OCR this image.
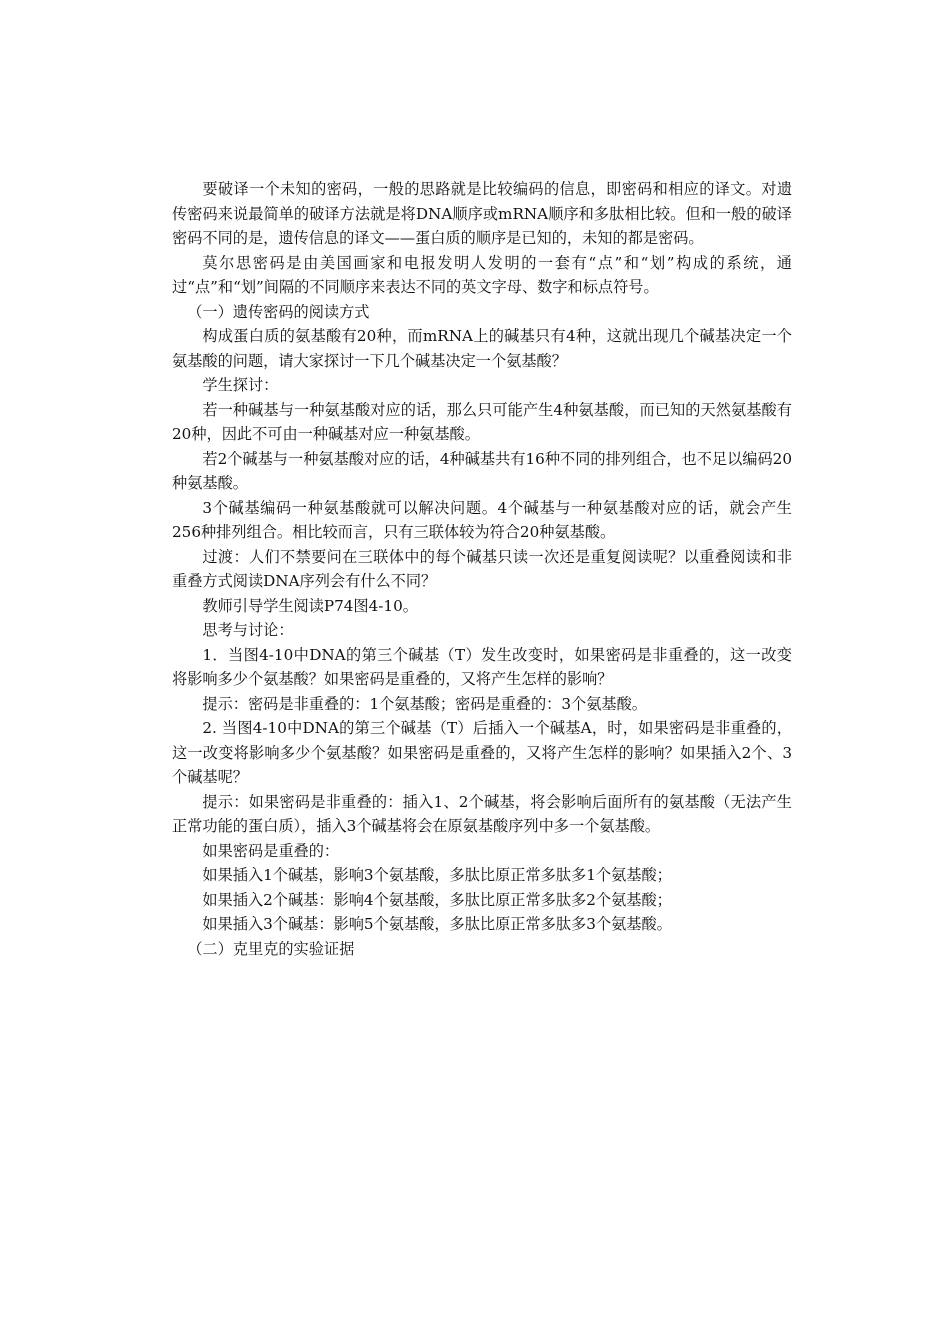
要破译一个未知的密码，一般的思路就是比较编码的信息，即密码和相应的译文。对遗传密码来说最简单的破译方法就是将DNA顺序或mRNA顺序和多肽相比较。但和一般的破译密码不同的是，遗传信息的译文——蛋白质的顺序是已知的，未知的都是密码。

莫尔思密码是由美国画家和电报发明人发明的一套有“点”和“划”构成的系统，通过“点”和“划”间隔的不同顺序来表达不同的英文字母、数字和标点符号。

（一）遗传密码的阅读方式

构成蛋白质的氨基酸有20种，而mRNA上的碱基只有4种，这就出现几个碱基决定一个氨基酸的问题，请大家探讨一下几个碱基决定一个氨基酸？

学生探讨：

若一种碱基与一种氨基酸对应的话，那么只可能产生4种氨基酸，而已知的天然氨基酸有20种，因此不可由一种碱基对应一种氨基酸。

若2个碱基与一种氨基酸对应的话，4种碱基共有16种不同的排列组合，也不足以编码20种氨基酸。

3个碱基编码一种氨基酸就可以解决问题。4个碱基与一种氨基酸对应的话，就会产生256种排列组合。相比较而言，只有三联体较为符合20种氨基酸。

过渡：人们不禁要问在三联体中的每个碱基只读一次还是重复阅读呢？以重叠阅读和非重叠方式阅读DNA序列会有什么不同？

教师引导学生阅读P74图4-10。

思考与讨论：

1．当图4-10中DNA的第三个碱基（T）发生改变时，如果密码是非重叠的，这一改变将影响多少个氨基酸？如果密码是重叠的，又将产生怎样的影响？

提示：密码是非重叠的：1个氨基酸；密码是重叠的：3个氨基酸。

2. 当图4-10中DNA的第三个碱基（T）后插入一个碱基A，时，如果密码是非重叠的，这一改变将影响多少个氨基酸？如果密码是重叠的，又将产生怎样的影响？如果插入2个、3个碱基呢？

提示：如果密码是非重叠的：插入1、2个碱基，将会影响后面所有的氨基酸（无法产生正常功能的蛋白质），插入3个碱基将会在原氨基酸序列中多一个氨基酸。

如果密码是重叠的：

如果插入1个碱基，影响3个氨基酸，多肽比原正常多肽多1个氨基酸；

如果插入2个碱基：影响4个氨基酸，多肽比原正常多肽多2个氨基酸；

如果插入3个碱基：影响5个氨基酸，多肽比原正常多肽多3个氨基酸。

（二）克里克的实验证据
